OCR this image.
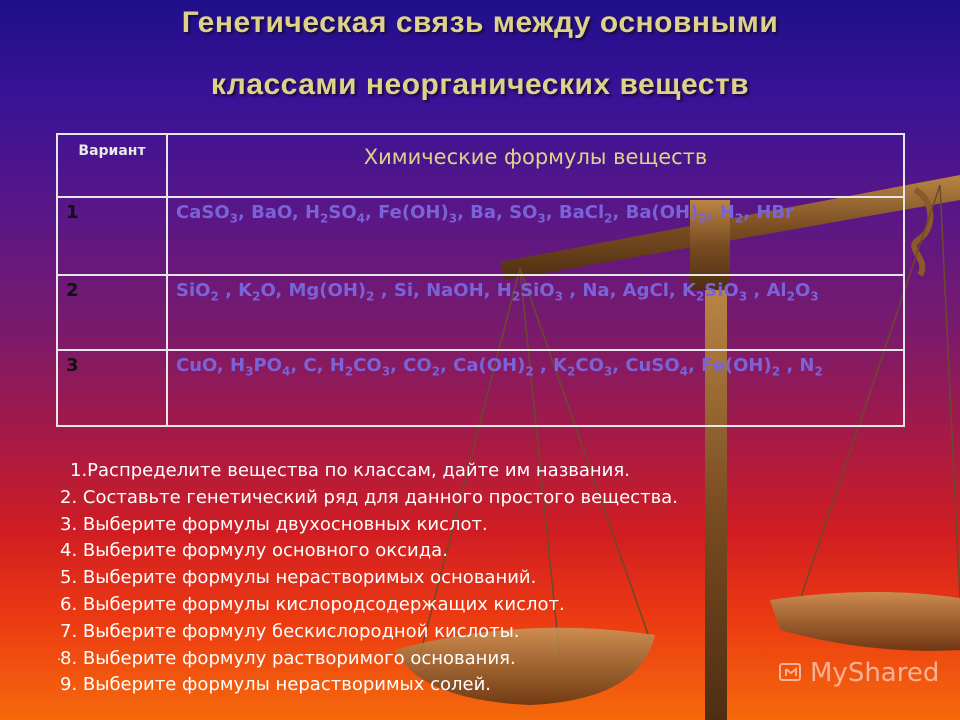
Генетическая связь между основными
классами неорганических веществ
Вариант	Химические формулы веществ
1	CaSO$_3$, BaO, $H_2SO_4$, $Fe(OH)_3$, Ba, $SO_3$, BaCl$_2$, $Ba(OH)_2$, $H_2$, HBr
2	SiO$_2$ , $K_2O$, $Mg(OH)_2$ , Si, NaOH, $H_2SiO_3$ , Na, AgCl, $K_2SiO_3$ , $Al_2O_3$
3	CuO, $H_3PO_4$, C, $H_2CO_3$, $CO_2$, $Ca(OH)_2$ , $K_2CO_3$, CuSO$_4$, $Fe(OH)_2$ , $N_2$
1.Распределите вещества по классам, дайте им названия.
2. Составьте генетический ряд для данного простого вещества.
3. Выберите формулы двухосновных кислот.
4. Выберите формулу основного оксида.
5. Выберите формулы нерастворимых оснований.
6. Выберите формулы кислородсодержащих кислот.
7. Выберите формулу бескислородной кислоты.
8. Выберите формулу растворимого основания.
9. Выберите формулы нерастворимых солей.
.
MyShared
